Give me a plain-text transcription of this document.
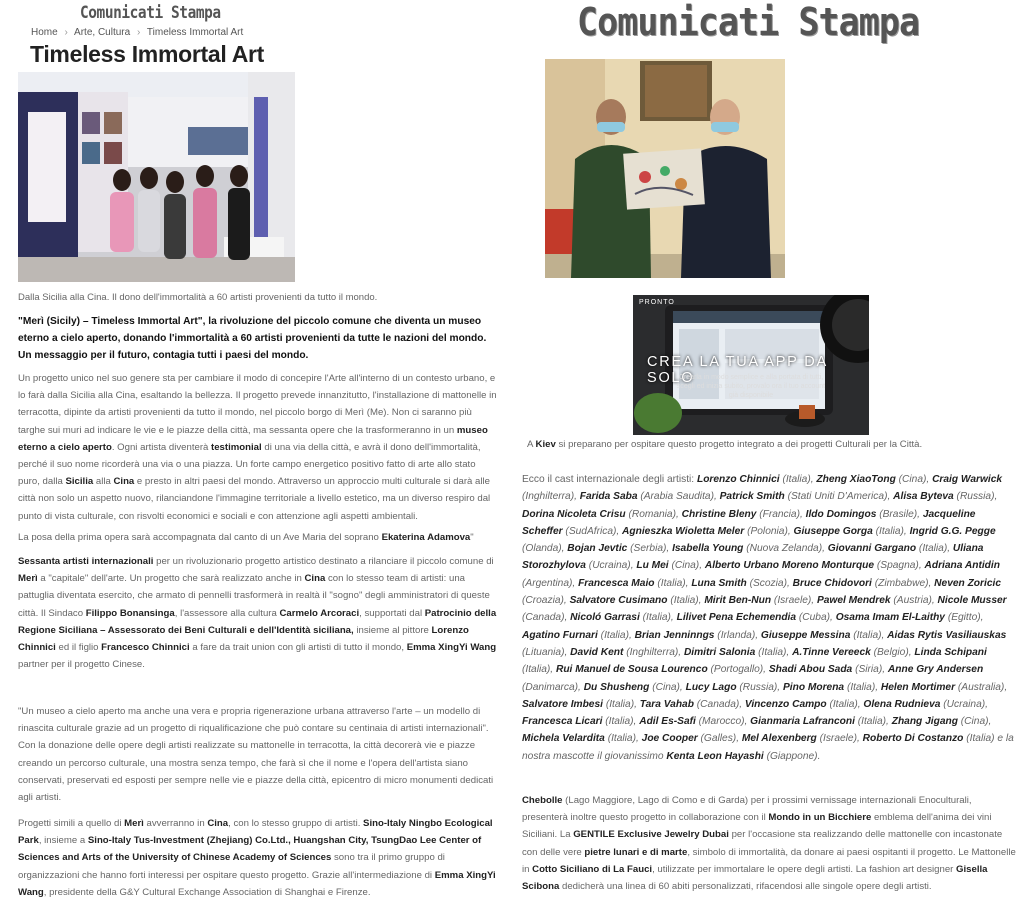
Comunicati Stampa	Comunicati Stampa
Home › Arte, Cultura › Timeless Immortal Art
Timeless Immortal Art
Dalla Sicilia alla Cina. Il dono dell'immortalità a 60 artisti provenienti da tutto il mondo.
"Merì (Sicily) – Timeless Immortal Art", la rivoluzione del piccolo comune che diventa un museo eterno a cielo aperto, donando l'immortalità a 60 artisti provenienti da tutte le nazioni del mondo. Un messaggio per il futuro, contagia tutti i paesi del mondo.
Un progetto unico nel suo genere sta per cambiare il modo di concepire l'Arte all'interno di un contesto urbano, e lo farà dalla Sicilia alla Cina, esaltando la bellezza. Il progetto prevede innanzitutto, l'installazione di mattonelle in terracotta, dipinte da artisti provenienti da tutto il mondo, nel piccolo borgo di Merì (Me). Non ci saranno più targhe sui muri ad indicare le vie e le piazze della città, ma sessanta opere che la trasformeranno in un museo eterno a cielo aperto. Ogni artista diventerà testimonial di una via della città, e avrà il dono dell'immortalità, perché il suo nome ricorderà una via o una piazza. Un forte campo energetico positivo fatto di arte allo stato puro, dalla Sicilia alla Cina e presto in altri paesi del mondo. Attraverso un approccio multi culturale si darà alle città non solo un aspetto nuovo, rilanciandone l'immagine territoriale a livello estetico, ma un diverso respiro dal punto di vista culturale, con risvolti economici e sociali e con attenzione agli aspetti ambientali.
La posa della prima opera sarà accompagnata dal canto di un Ave Maria del soprano Ekaterina Adamova"
Sessanta artisti internazionali per un rivoluzionario progetto artistico destinato a rilanciare il piccolo comune di Merì a "capitale" dell'arte. Un progetto che sarà realizzato anche in Cina con lo stesso team di artisti: una pattuglia diventata esercito, che armato di pennelli trasformerà in realtà il "sogno" degli amministratori di queste città. Il Sindaco Filippo Bonansinga, l'assessore alla cultura Carmelo Arcoraci, supportati dal Patrocinio della Regione Siciliana – Assessorato dei Beni Culturali e dell'Identità siciliana, insieme al pittore Lorenzo Chinnici ed il figlio Francesco Chinnici a fare da trait union con gli artisti di tutto il mondo, Emma XingYi Wang partner per il progetto Cinese.
"Un museo a cielo aperto ma anche una vera e propria rigenerazione urbana attraverso l'arte – un modello di rinascita culturale grazie ad un progetto di riqualificazione che può contare su centinaia di artisti internazionali". Con la donazione delle opere degli artisti realizzate su mattonelle in terracotta, la città decorerà vie e piazze creando un percorso culturale, una mostra senza tempo, che farà sì che il nome e l'opera dell'artista siano conservati, preservati ed esposti per sempre nelle vie e piazze della città, epicentro di micro monumenti dedicati agli artisti.
Progetti simili a quello di Merì avverranno in Cina, con lo stesso gruppo di artisti. Sino-Italy Ningbo Ecological Park, insieme a Sino-Italy Tus-Investment (Zhejiang) Co.Ltd., Huangshan City, TsungDao Lee Center of Sciences and Arts of the University of Chinese Academy of Sciences sono tra il primo gruppo di organizzazioni che hanno forti interessi per ospitare questo progetto. Grazie all'intermediazione di Emma XingYi Wang, presidente della G&Y Cultural Exchange Association di Shanghai e Firenze.
PRONTO
CREA LA TUA APP DA SOLO
Crearla in modo semplice e alla portata di tutti, scegli ed inizia subito, provalo ora il tuo account già disponibile
A Kiev si preparano per ospitare questo progetto integrato a dei progetti Culturali per la Città.
Ecco il cast internazionale degli artisti: Lorenzo Chinnici (Italia), Zheng XiaoTong (Cina), Craig Warwick (Inghilterra), Farida Saba (Arabia Saudita), Patrick Smith (Stati Uniti D'America), Alisa Byteva (Russia), Dorina Nicoleta Crisu (Romania), Christine Bleny (Francia), Ildo Domingos (Brasile), Jacqueline Scheffer (SudAfrica), Agnieszka Wioletta Meler (Polonia), Giuseppe Gorga (Italia), Ingrid G.G. Pegge (Olanda), Bojan Jevtic (Serbia), Isabella Young (Nuova Zelanda), Giovanni Gargano (Italia), Uliana Storozhylova (Ucraina), Lu Mei (Cina), Alberto Urbano Moreno Monturque (Spagna), Adriana Antidin (Argentina), Francesca Maio (Italia), Luna Smith (Scozia), Bruce Chidovori (Zimbabwe), Neven Zoricic (Croazia), Salvatore Cusimano (Italia), Mirit Ben-Nun (Israele), Pawel Mendrek (Austria), Nicole Musser (Canada), Nicoló Garrasi (Italia), Lilivet Pena Echemendia (Cuba), Osama Imam El-Laithy (Egitto), Agatino Furnari (Italia), Brian Jenninngs (Irlanda), Giuseppe Messina (Italia), Aidas Rytis Vasiliauskas (Lituania), David Kent (Inghilterra), Dimitri Salonia (Italia), A.Tinne Vereeck (Belgio), Linda Schipani (Italia), Rui Manuel de Sousa Lourenco (Portogallo), Shadi Abou Sada (Siria), Anne Gry Andersen (Danimarca), Du Shusheng (Cina), Lucy Lago (Russia), Pino Morena (Italia), Helen Mortimer (Australia), Salvatore Imbesi (Italia), Tara Vahab (Canada), Vincenzo Campo (Italia), Olena Rudnieva (Ucraina), Francesca Licari (Italia), Adil Es-Safi (Marocco), Gianmaria Lafranconi (Italia), Zhang Jigang (Cina), Michela Velardita (Italia), Joe Cooper (Galles), Mel Alexenberg (Israele), Roberto Di Costanzo (Italia) e la nostra mascotte il giovanissimo Kenta Leon Hayashi (Giappone).
Chebolle (Lago Maggiore, Lago di Como e di Garda) per i prossimi vernissage internazionali Enoculturali, presenterà inoltre questo progetto in collaborazione con il Mondo in un Bicchiere emblema dell'anima dei vini Siciliani. La GENTILE Exclusive Jewelry Dubai per l'occasione sta realizzando delle mattonelle con incastonate con delle vere pietre lunari e di marte, simbolo di immortalità, da donare ai paesi ospitanti il progetto. Le Mattonelle in Cotto Siciliano di La Fauci, utilizzate per immortalare le opere degli artisti. La fashion art designer Gisella Scibona dedicherà una linea di 60 abiti personalizzati, rifacendosi alle singole opere degli artisti.
